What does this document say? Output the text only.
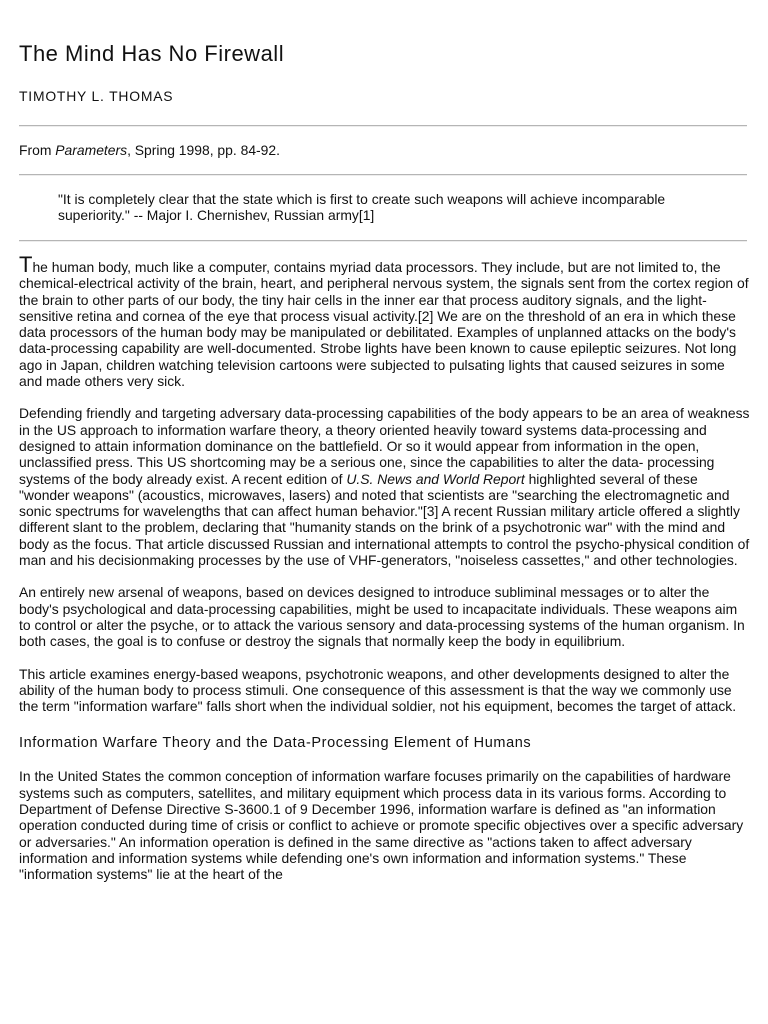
The Mind Has No Firewall
TIMOTHY L. THOMAS
From Parameters, Spring 1998, pp. 84-92.
"It is completely clear that the state which is first to create such weapons will achieve incomparable superiority." -- Major I. Chernishev, Russian army[1]

The human body, much like a computer, contains myriad data processors. They include, but are not limited to, the chemical-electrical activity of the brain, heart, and peripheral nervous system, the signals sent from the cortex region of the brain to other parts of our body, the tiny hair cells in the inner ear that process auditory signals, and the light-sensitive retina and cornea of the eye that process visual activity.[2] We are on the threshold of an era in which these data processors of the human body may be manipulated or debilitated. Examples of unplanned attacks on the body's data-processing capability are well-documented. Strobe lights have been known to cause epileptic seizures. Not long ago in Japan, children watching television cartoons were subjected to pulsating lights that caused seizures in some and made others very sick.

Defending friendly and targeting adversary data-processing capabilities of the body appears to be an area of weakness in the US approach to information warfare theory, a theory oriented heavily toward systems data-processing and designed to attain information dominance on the battlefield. Or so it would appear from information in the open, unclassified press. This US shortcoming may be a serious one, since the capabilities to alter the data- processing systems of the body already exist. A recent edition of U.S. News and World Report highlighted several of these "wonder weapons" (acoustics, microwaves, lasers) and noted that scientists are "searching the electromagnetic and sonic spectrums for wavelengths that can affect human behavior."[3] A recent Russian military article offered a slightly different slant to the problem, declaring that "humanity stands on the brink of a psychotronic war" with the mind and body as the focus. That article discussed Russian and international attempts to control the psycho-physical condition of man and his decisionmaking processes by the use of VHF-generators, "noiseless cassettes," and other technologies.

An entirely new arsenal of weapons, based on devices designed to introduce subliminal messages or to alter the body's psychological and data-processing capabilities, might be used to incapacitate individuals. These weapons aim to control or alter the psyche, or to attack the various sensory and data-processing systems of the human organism. In both cases, the goal is to confuse or destroy the signals that normally keep the body in equilibrium.

This article examines energy-based weapons, psychotronic weapons, and other developments designed to alter the ability of the human body to process stimuli. One consequence of this assessment is that the way we commonly use the term "information warfare" falls short when the individual soldier, not his equipment, becomes the target of attack.

Information Warfare Theory and the Data-Processing Element of Humans

In the United States the common conception of information warfare focuses primarily on the capabilities of hardware systems such as computers, satellites, and military equipment which process data in its various forms. According to Department of Defense Directive S-3600.1 of 9 December 1996, information warfare is defined as "an information operation conducted during time of crisis or conflict to achieve or promote specific objectives over a specific adversary or adversaries." An information operation is defined in the same directive as "actions taken to affect adversary information and information systems while defending one's own information and information systems." These "information systems" lie at the heart of the
